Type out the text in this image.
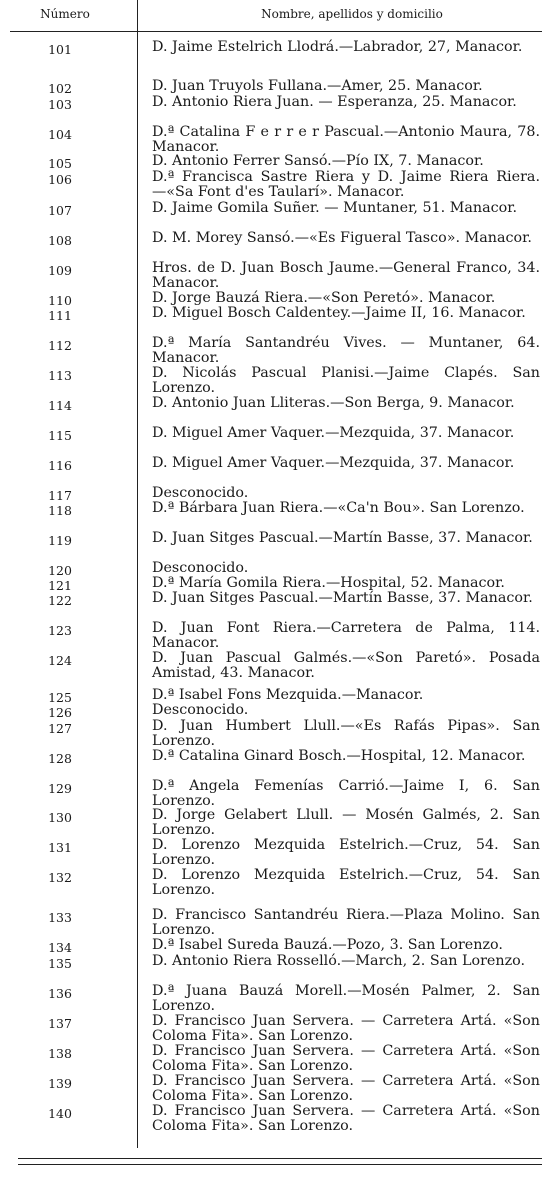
Número	Nombre, apellidos y domicilio
101	D. Jaime Estelrich Llodrá.—Labrador, 27, Manacor.
102	D. Juan Truyols Fullana.—Amer, 25. Manacor.
103	D. Antonio Riera Juan. — Esperanza, 25. Manacor.
104	D.ª Catalina F e r r e r Pascual.—Antonio Maura, 78. Manacor.
105	D. Antonio Ferrer Sansó.—Pío IX, 7. Manacor.
106	D.ª Francisca Sastre Riera y D. Jaime Riera Riera.—«Sa Font d'es Taularí». Manacor.
107	D. Jaime Gomila Suñer. — Muntaner, 51. Manacor.
108	D. M. Morey Sansó.—«Es Figueral Tasco». Manacor.
109	Hros. de D. Juan Bosch Jaume.—General Franco, 34. Manacor.
110	D. Jorge Bauzá Riera.—«Son Peretó». Manacor.
111	D. Miguel Bosch Caldentey.—Jaime II, 16. Manacor.
112	D.ª María Santandréu Vives. — Muntaner, 64. Manacor.
113	D. Nicolás Pascual Planisi.—Jaime Clapés. San Lorenzo.
114	D. Antonio Juan Lliteras.—Son Berga, 9. Manacor.
115	D. Miguel Amer Vaquer.—Mezquida, 37. Manacor.
116	D. Miguel Amer Vaquer.—Mezquida, 37. Manacor.
117	Desconocido.
118	D.ª Bárbara Juan Riera.—«Ca'n Bou». San Lorenzo.
119	D. Juan Sitges Pascual.—Martín Basse, 37. Manacor.
120	Desconocido.
121	D.ª María Gomila Riera.—Hospital, 52. Manacor.
122	D. Juan Sitges Pascual.—Martín Basse, 37. Manacor.
123	D. Juan Font Riera.—Carretera de Palma, 114. Manacor.
124	D. Juan Pascual Galmés.—«Son Paretó». Posada Amistad, 43. Manacor.
125	D.ª Isabel Fons Mezquida.—Manacor.
126	Desconocido.
127	D. Juan Humbert Llull.—«Es Rafás Pipas». San Lorenzo.
128	D.ª Catalina Ginard Bosch.—Hospital, 12. Manacor.
129	D.ª Angela Femenías Carrió.—Jaime I, 6. San Lorenzo.
130	D. Jorge Gelabert Llull. — Mosén Galmés, 2. San Lorenzo.
131	D. Lorenzo Mezquida Estelrich.—Cruz, 54. San Lorenzo.
132	D. Lorenzo Mezquida Estelrich.—Cruz, 54. San Lorenzo.
133	D. Francisco Santandréu Riera.—Plaza Molino. San Lorenzo.
134	D.ª Isabel Sureda Bauzá.—Pozo, 3. San Lorenzo.
135	D. Antonio Riera Rosselló.—March, 2. San Lorenzo.
136	D.ª Juana Bauzá Morell.—Mosén Palmer, 2. San Lorenzo.
137	D. Francisco Juan Servera. — Carretera Artá. «Son Coloma Fita». San Lorenzo.
138	D. Francisco Juan Servera. — Carretera Artá. «Son Coloma Fita». San Lorenzo.
139	D. Francisco Juan Servera. — Carretera Artá. «Son Coloma Fita». San Lorenzo.
140	D. Francisco Juan Servera. — Carretera Artá. «Son Coloma Fita». San Lorenzo.
